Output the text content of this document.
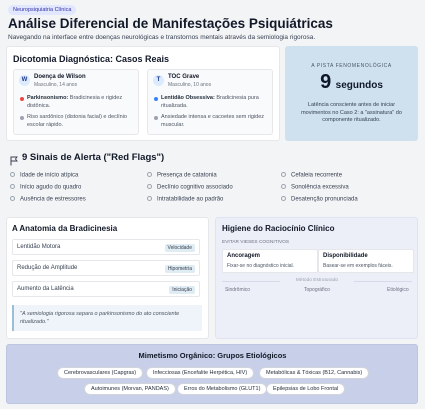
Neuropsiquiatria Clínica
Análise Diferencial de Manifestações Psiquiátricas
Navegando na interface entre doenças neurológicas e transtornos mentais através da semiologia rigorosa.
Dicotomia Diagnóstica: Casos Reais
W	Doença de Wilson
Masculino, 14 anos
Parkinsonismo: Bradicinesia e rigidez distônica.
Riso sardônico (distonia facial) e declínio escolar rápido.
T	TOC Grave
Masculino, 10 anos
Lentidão Obsessiva: Bradicinesia pura ritualizada.
Ansiedade intensa e cacoetes sem rigidez muscular.
A PISTA FENOMENOLÓGICA
9 segundos
Latência consciente antes de iniciar movimentos no Caso 2: a "assinatura" do componente ritualizado.
9 Sinais de Alerta ("Red Flags")
Idade de início atípica	Presença de catatonia	Cefaleia recorrente
Início agudo do quadro	Declínio cognitivo associado	Sonolência excessiva
Ausência de estressores	Intratabilidade ao padrão	Desatenção pronunciada
A Anatomia da Bradicinesia
Lentidão Motora	Velocidade
Redução de Amplitude	Hipometria
Aumento da Latência	Iniciação
"A semiologia rigorosa separa o parkinsonismo do ato consciente ritualizado."
Higiene do Raciocínio Clínico
EVITAR VIESES COGNITIVOS
Ancoragem
Fixar-se no diagnóstico inicial.
Disponibilidade
Basear-se em exemplos fáceis.
Método Estruturado
Sindrômico	Topográfico	Etiológico
Mimetismo Orgânico: Grupos Etiológicos
Cerebrovasculares (Capgras)	Infecciosas (Encefalite Herpética, HIV)	Metabólicas & Tóxicas (B12, Cannabis)
Autoimunes (Morvan, PANDAS)	Erros do Metabolismo (GLUT1)	Epilepsias de Lobo Frontal
